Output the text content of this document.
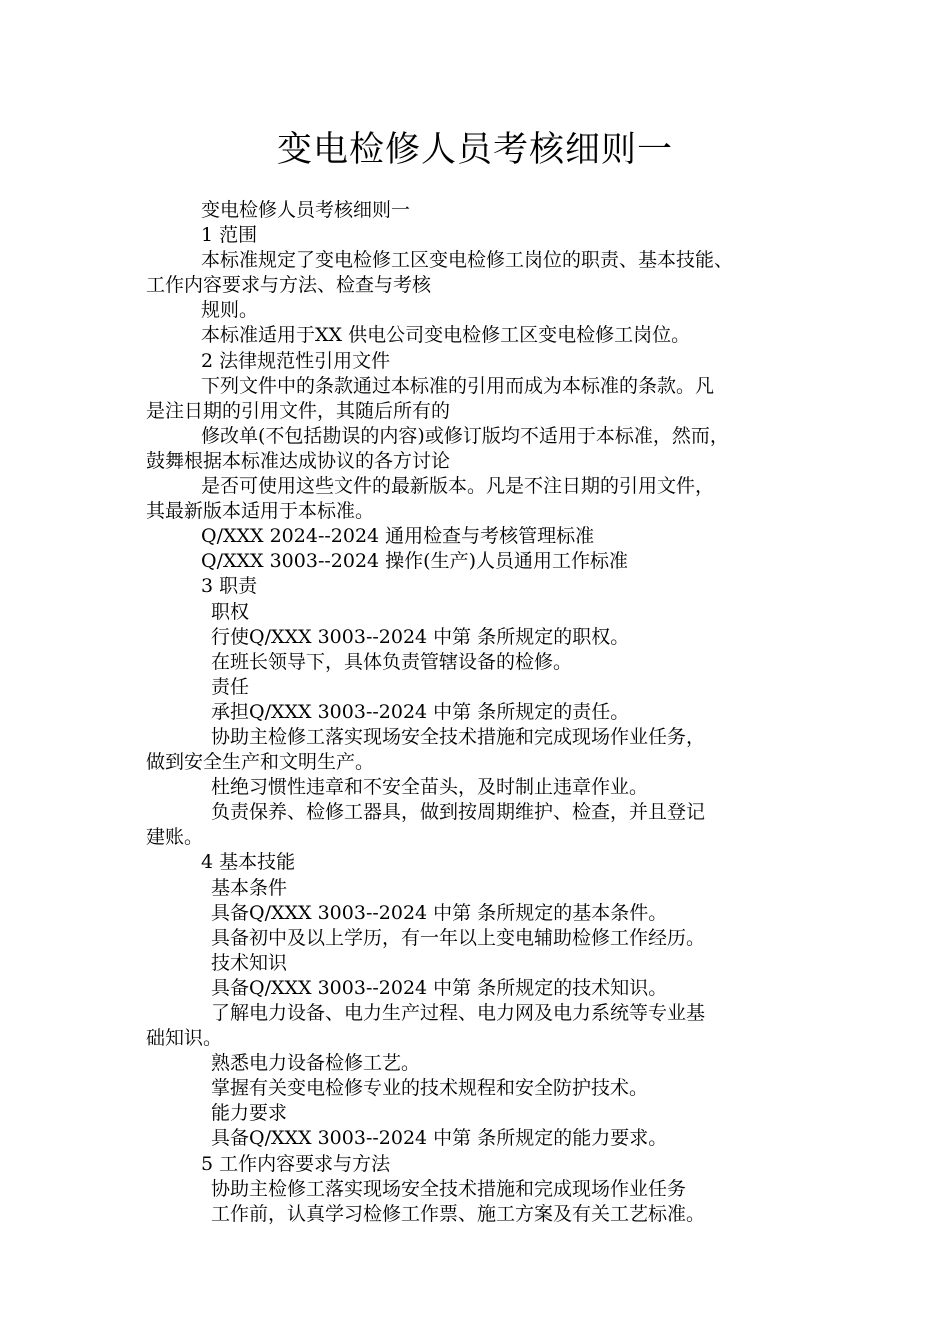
变电检修人员考核细则一
变电检修人员考核细则一
1 范围
本标准规定了变电检修工区变电检修工岗位的职责、基本技能、
工作内容要求与方法、检查与考核
规则。
本标准适用于XX 供电公司变电检修工区变电检修工岗位。
2 法律规范性引用文件
下列文件中的条款通过本标准的引用而成为本标准的条款。凡
是注日期的引用文件，其随后所有的
修改单(不包括勘误的内容)或修订版均不适用于本标准，然而，
鼓舞根据本标准达成协议的各方讨论
是否可使用这些文件的最新版本。凡是不注日期的引用文件，
其最新版本适用于本标准。
Q/XXX 2024--2024 通用检查与考核管理标准
Q/XXX 3003--2024 操作(生产)人员通用工作标准
3 职责
职权
行使Q/XXX 3003--2024 中第 条所规定的职权。
在班长领导下，具体负责管辖设备的检修。
责任
承担Q/XXX 3003--2024 中第 条所规定的责任。
协助主检修工落实现场安全技术措施和完成现场作业任务，
做到安全生产和文明生产。
杜绝习惯性违章和不安全苗头，及时制止违章作业。
负责保养、检修工器具，做到按周期维护、检查，并且登记
建账。
4 基本技能
基本条件
具备Q/XXX 3003--2024 中第 条所规定的基本条件。
具备初中及以上学历，有一年以上变电辅助检修工作经历。
技术知识
具备Q/XXX 3003--2024 中第 条所规定的技术知识。
了解电力设备、电力生产过程、电力网及电力系统等专业基
础知识。
熟悉电力设备检修工艺。
掌握有关变电检修专业的技术规程和安全防护技术。
能力要求
具备Q/XXX 3003--2024 中第 条所规定的能力要求。
5 工作内容要求与方法
协助主检修工落实现场安全技术措施和完成现场作业任务
工作前，认真学习检修工作票、施工方案及有关工艺标准。
